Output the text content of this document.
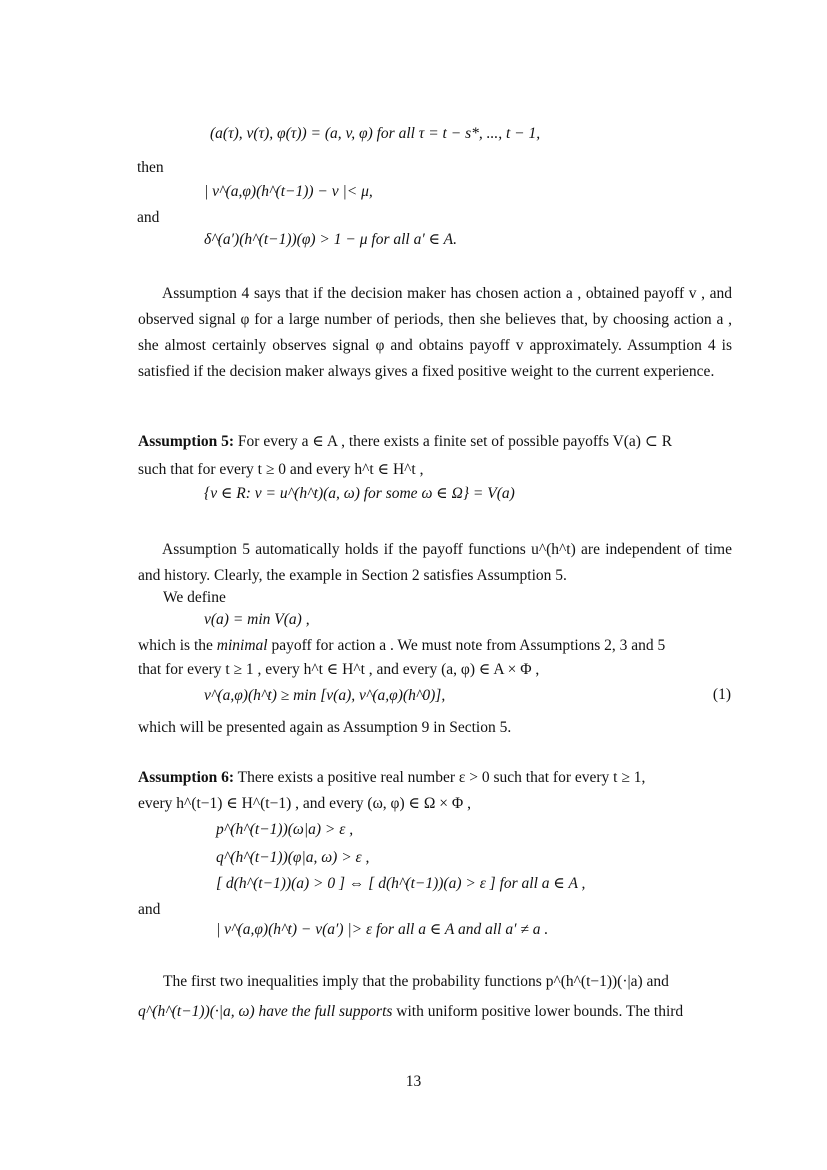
(a(τ), v(τ), φ(τ)) = (a, v, φ) for all τ = t − s*, ..., t − 1,
then
| v^(a,φ)(h^(t−1)) − v |< μ,
and
δ^(a′)(h^(t−1))(φ) > 1 − μ for all a′ ∈ A.
Assumption 4 says that if the decision maker has chosen action a , obtained payoff v , and observed signal φ for a large number of periods, then she believes that, by choosing action a , she almost certainly observes signal φ and obtains payoff v approximately. Assumption 4 is satisfied if the decision maker always gives a fixed positive weight to the current experience.
Assumption 5: For every a ∈ A , there exists a finite set of possible payoffs V(a) ⊂ R
such that for every t ≥ 0 and every h^t ∈ H^t ,
{v ∈ R: v = u^(h^t)(a, ω) for some ω ∈ Ω} = V(a)
Assumption 5 automatically holds if the payoff functions u^(h^t) are independent of time and history. Clearly, the example in Section 2 satisfies Assumption 5.
We define
v(a) = min V(a) ,
which is the minimal payoff for action a . We must note from Assumptions 2, 3 and 5
that for every t ≥ 1 , every h^t ∈ H^t , and every (a, φ) ∈ A × Φ ,
v^(a,φ)(h^t) ≥ min [v(a), v^(a,φ)(h^0)],	(1)
which will be presented again as Assumption 9 in Section 5.
Assumption 6: There exists a positive real number ε > 0 such that for every t ≥ 1,
every h^(t−1) ∈ H^(t−1) , and every (ω, φ) ∈ Ω × Φ ,
p^(h^(t−1))(ω|a) > ε ,
q^(h^(t−1))(φ|a, ω) > ε ,
[ d(h^(t−1))(a) > 0 ] ⇔ [ d(h^(t−1))(a) > ε ] for all a ∈ A ,
and
| v^(a,φ)(h^t) − v(a′) |> ε for all a ∈ A and all a′ ≠ a .
The first two inequalities imply that the probability functions p^(h^(t−1))(·|a) and
q^(h^(t−1))(·|a, ω) have the full supports with uniform positive lower bounds. The third
13
